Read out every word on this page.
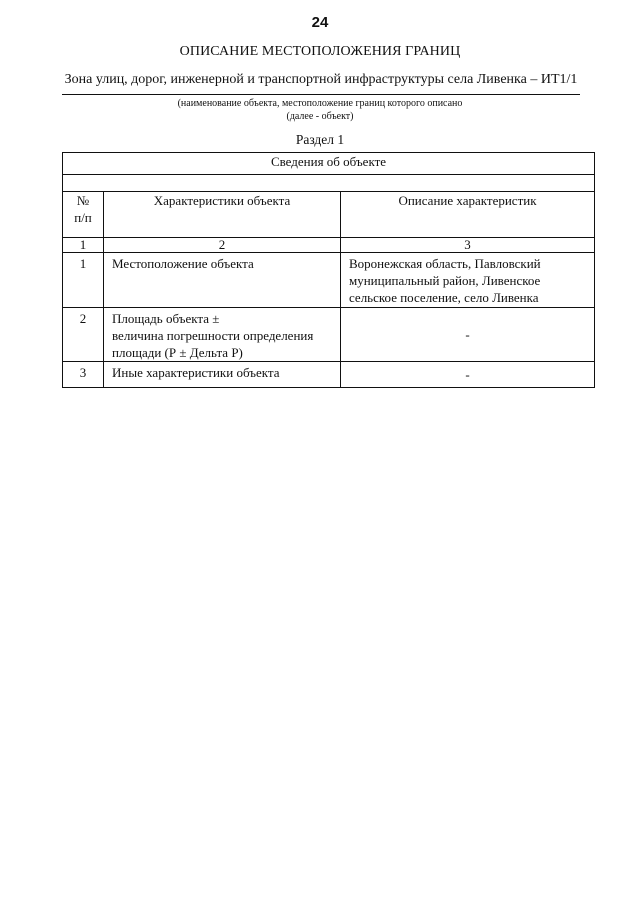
24
ОПИСАНИЕ МЕСТОПОЛОЖЕНИЯ ГРАНИЦ
Зона улиц, дорог, инженерной и транспортной инфраструктуры села Ливенка – ИТ1/1
(наименование объекта, местоположение границ которого описано
(далее - объект)
Раздел 1
Сведения об объекте		

№
п/п	Характеристики объекта	Описание характеристик
1	2	3
1	Местоположение объекта	Воронежская область, Павловский
муниципальный район, Ливенское
сельское поселение, село Ливенка
2	Площадь объекта ±
величина погрешности определения
площади (Р ± Дельта Р)	-
3	Иные характеристики объекта	-
